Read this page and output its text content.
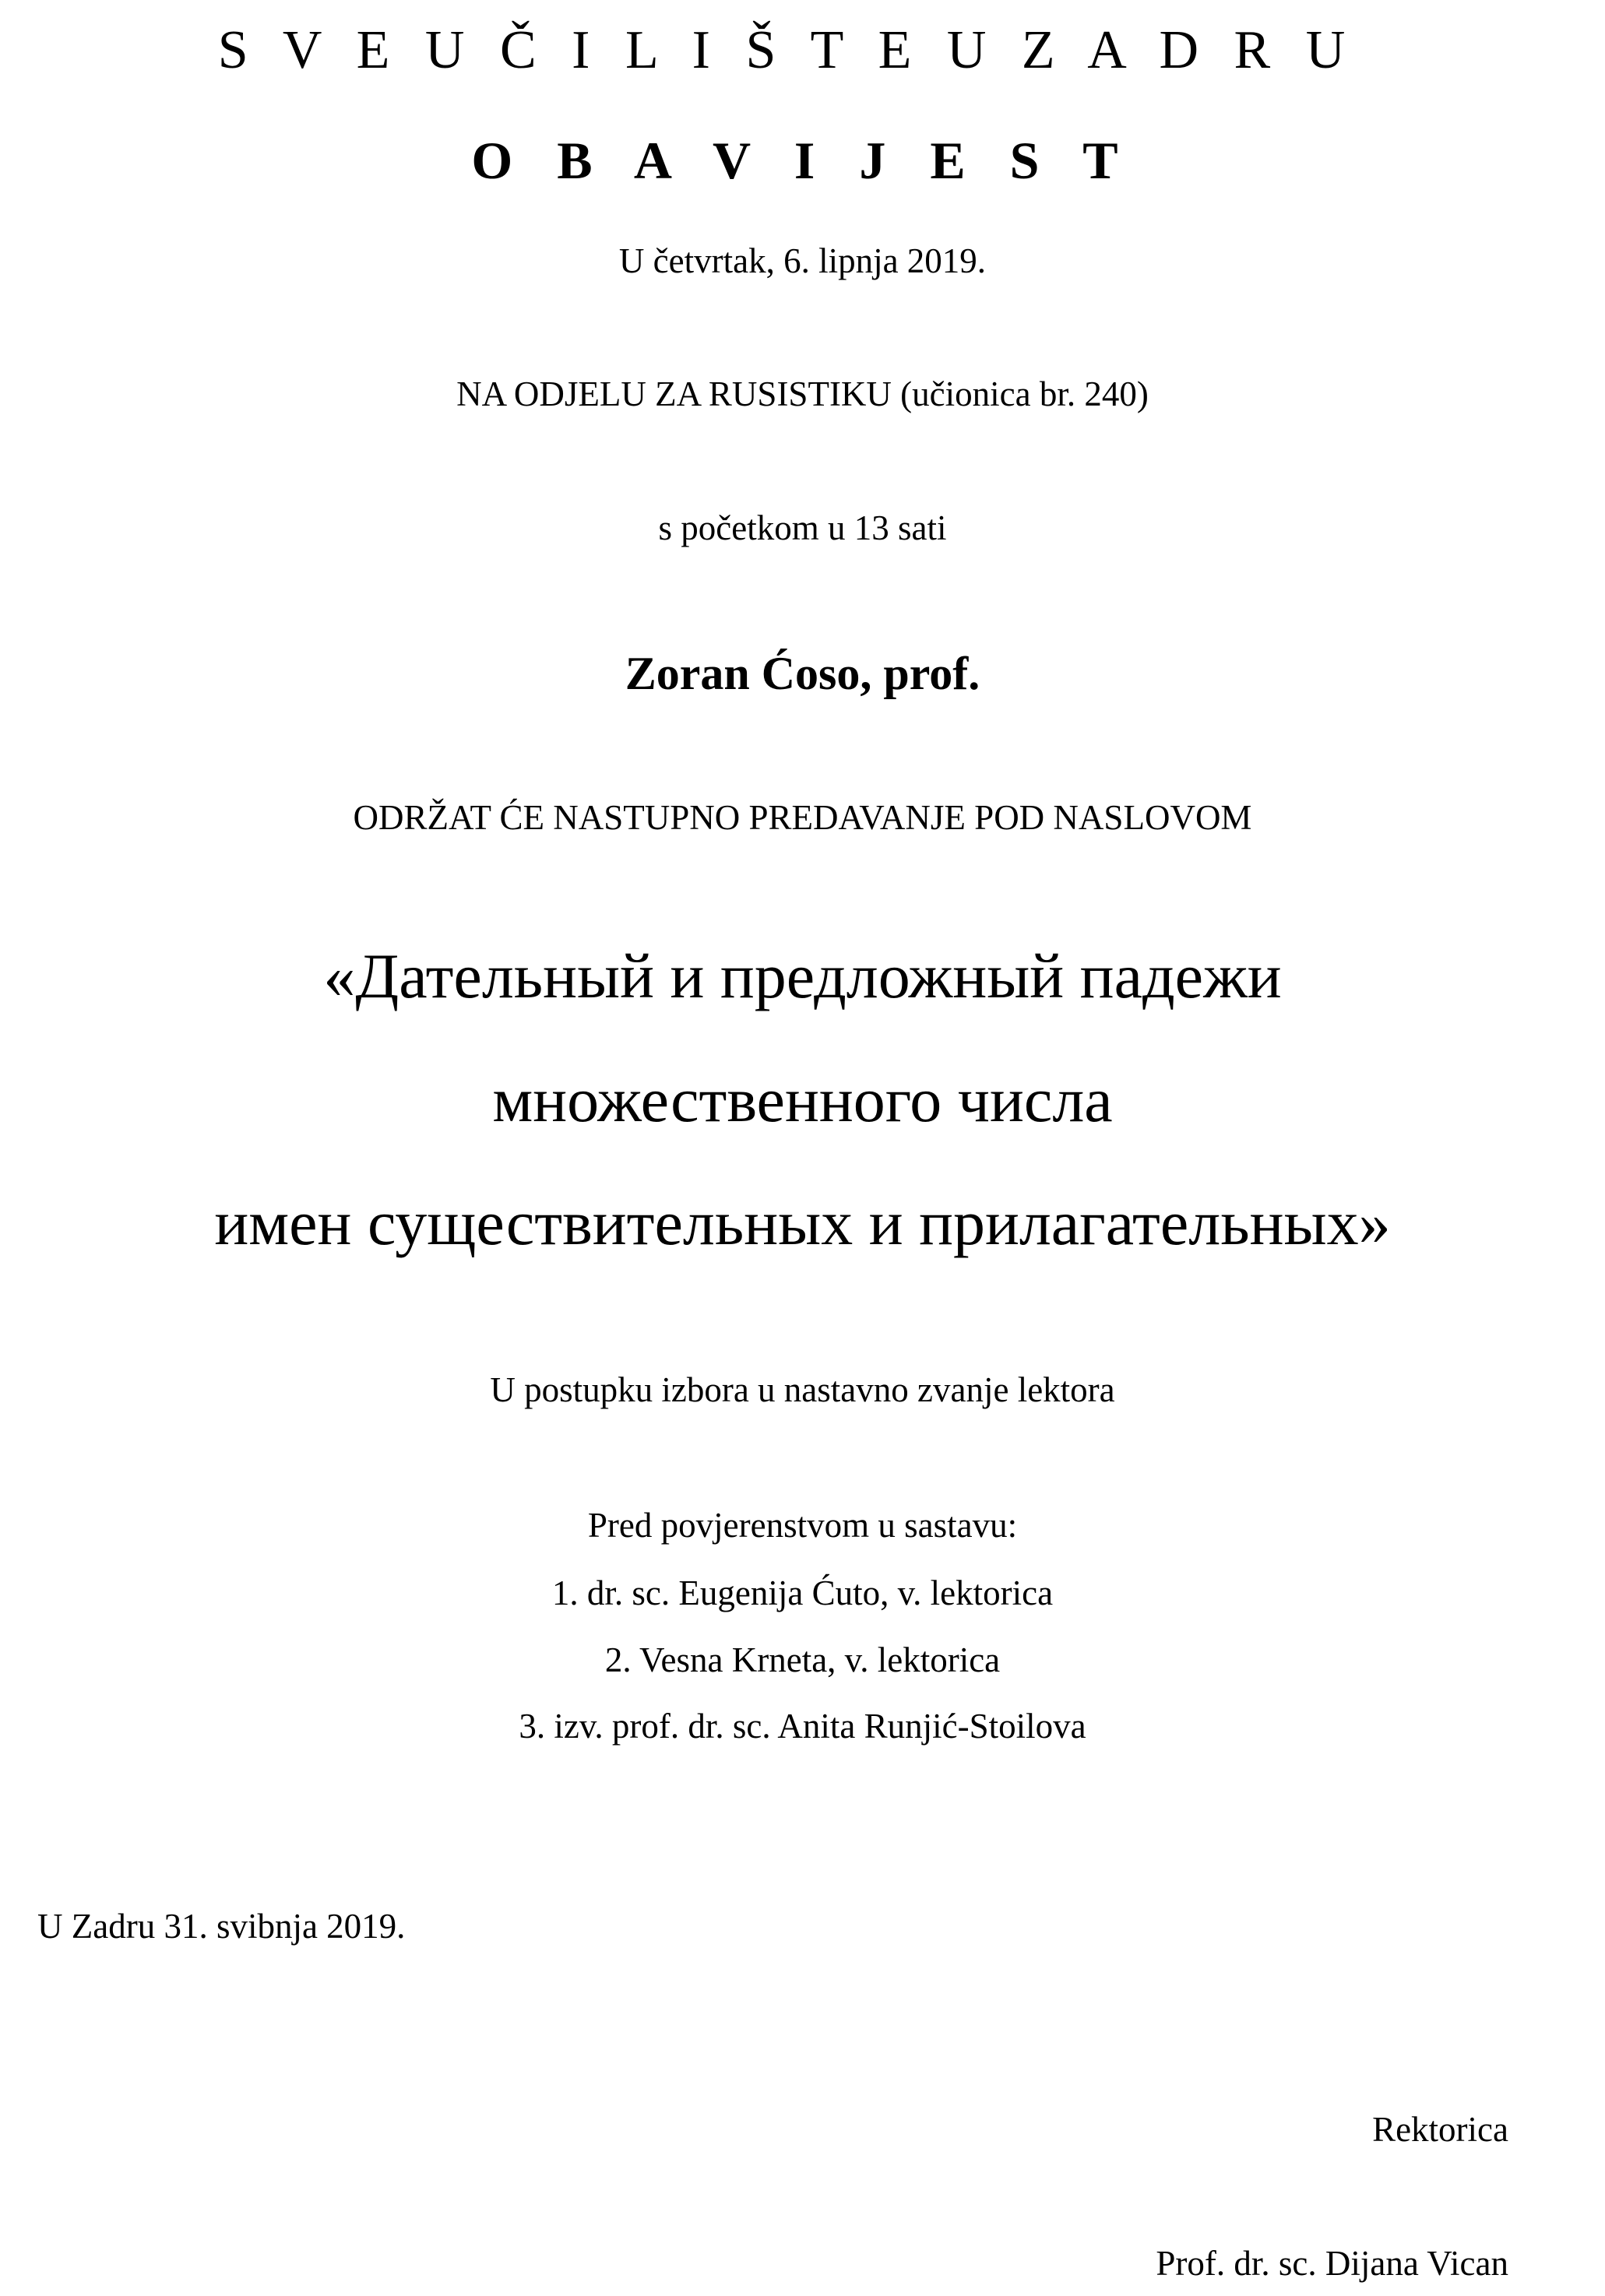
S V E U Č I L I Š T E U Z A D R U
O B A V I J E S T
U četvrtak, 6. lipnja 2019.
NA ODJELU ZA RUSISTIKU (učionica br. 240)
s početkom u 13 sati
Zoran Ćoso, prof.
ODRŽAT ĆE NASTUPNO PREDAVANJE POD NASLOVOM
«Дательный и предложный падежи
множественного числа
имен существительных и прилагательных»
U postupku izbora u nastavno zvanje lektora
Pred povjerenstvom u sastavu:
1. dr. sc. Eugenija Ćuto, v. lektorica
2. Vesna Krneta, v. lektorica
3. izv. prof. dr. sc. Anita Runjić-Stoilova
U Zadru 31. svibnja 2019.
Rektorica
Prof. dr. sc. Dijana Vican
